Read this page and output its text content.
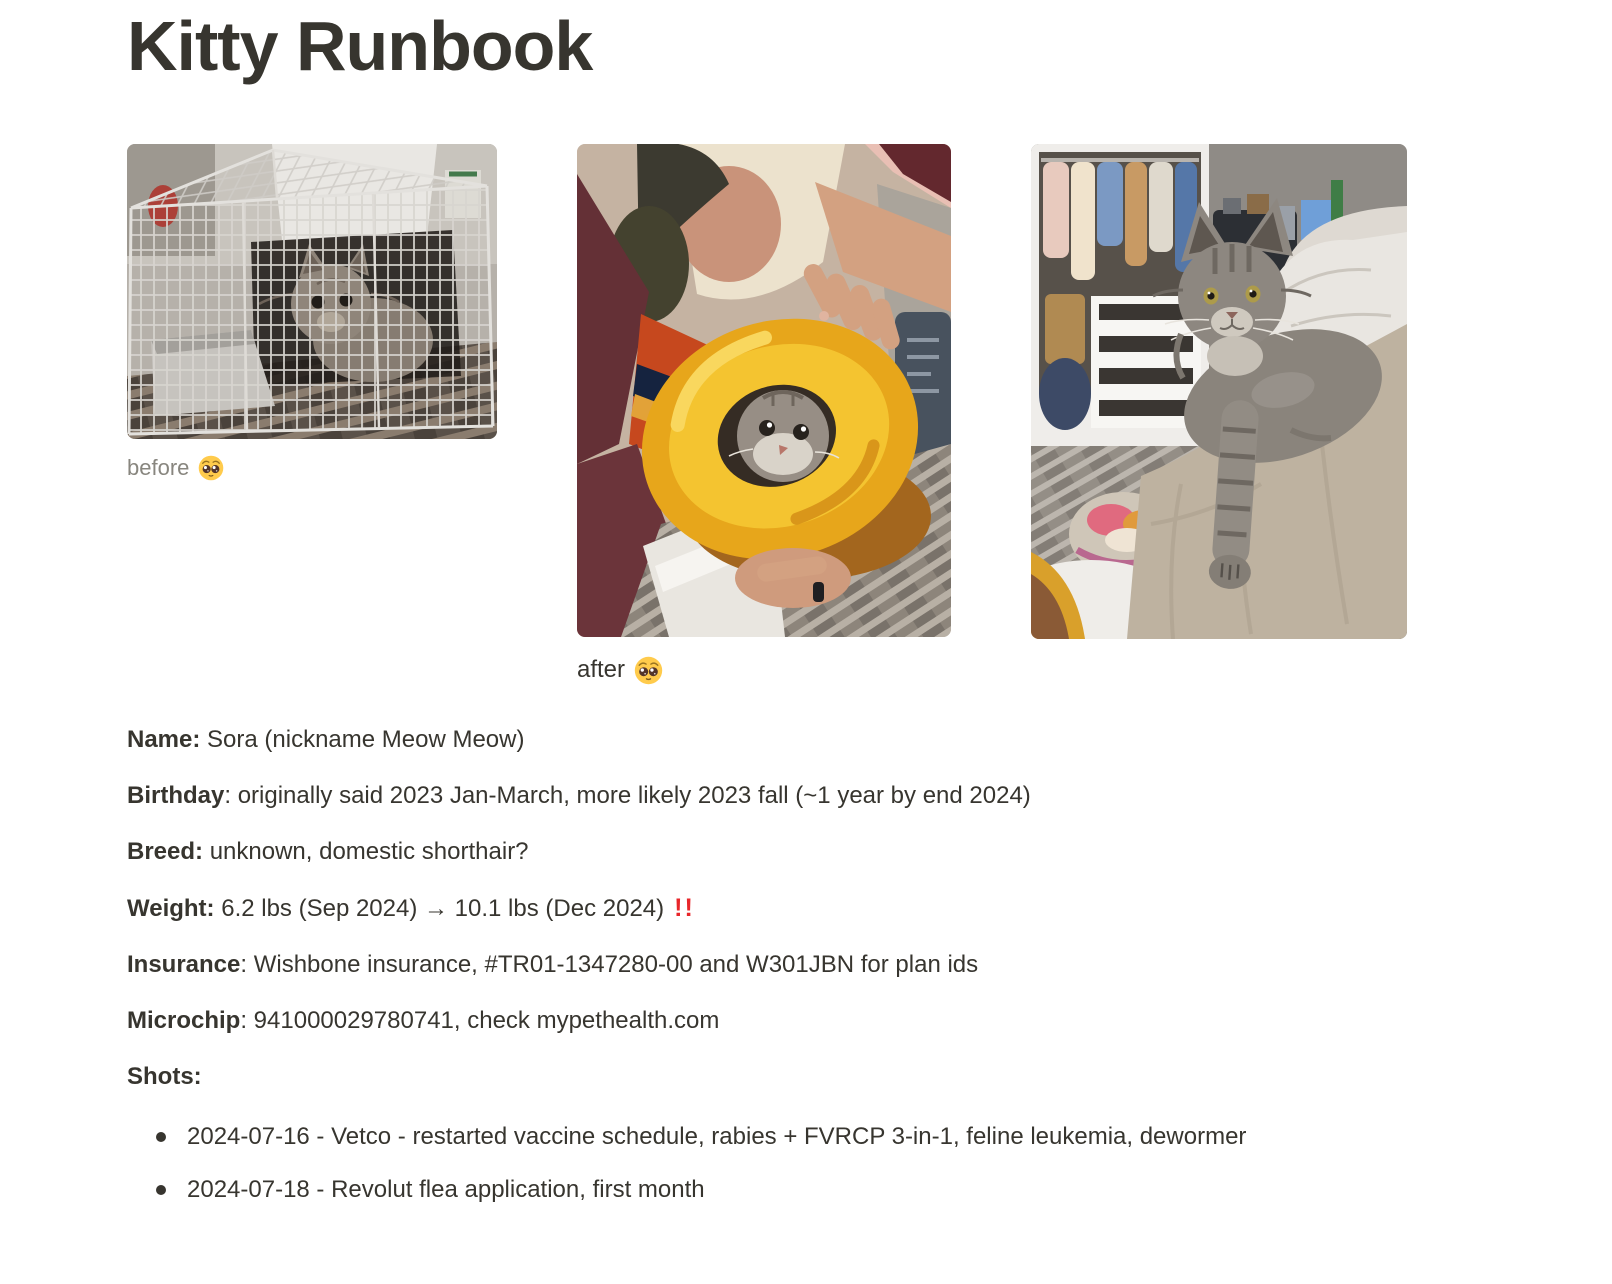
Kitty Runbook
before
after

Name: Sora (nickname Meow Meow)

Birthday: originally said 2023 Jan-March, more likely 2023 fall (~1 year by end 2024)

Breed: unknown, domestic shorthair?

Weight: 6.2 lbs (Sep 2024) → 10.1 lbs (Dec 2024) !!

Insurance: Wishbone insurance, #TR01-1347280-00 and W301JBN for plan ids

Microchip: 941000029780741, check mypethealth.com

Shots:

2024-07-16 - Vetco - restarted vaccine schedule, rabies + FVRCP 3-in-1, feline leukemia, dewormer
2024-07-18 - Revolut flea application, first month
